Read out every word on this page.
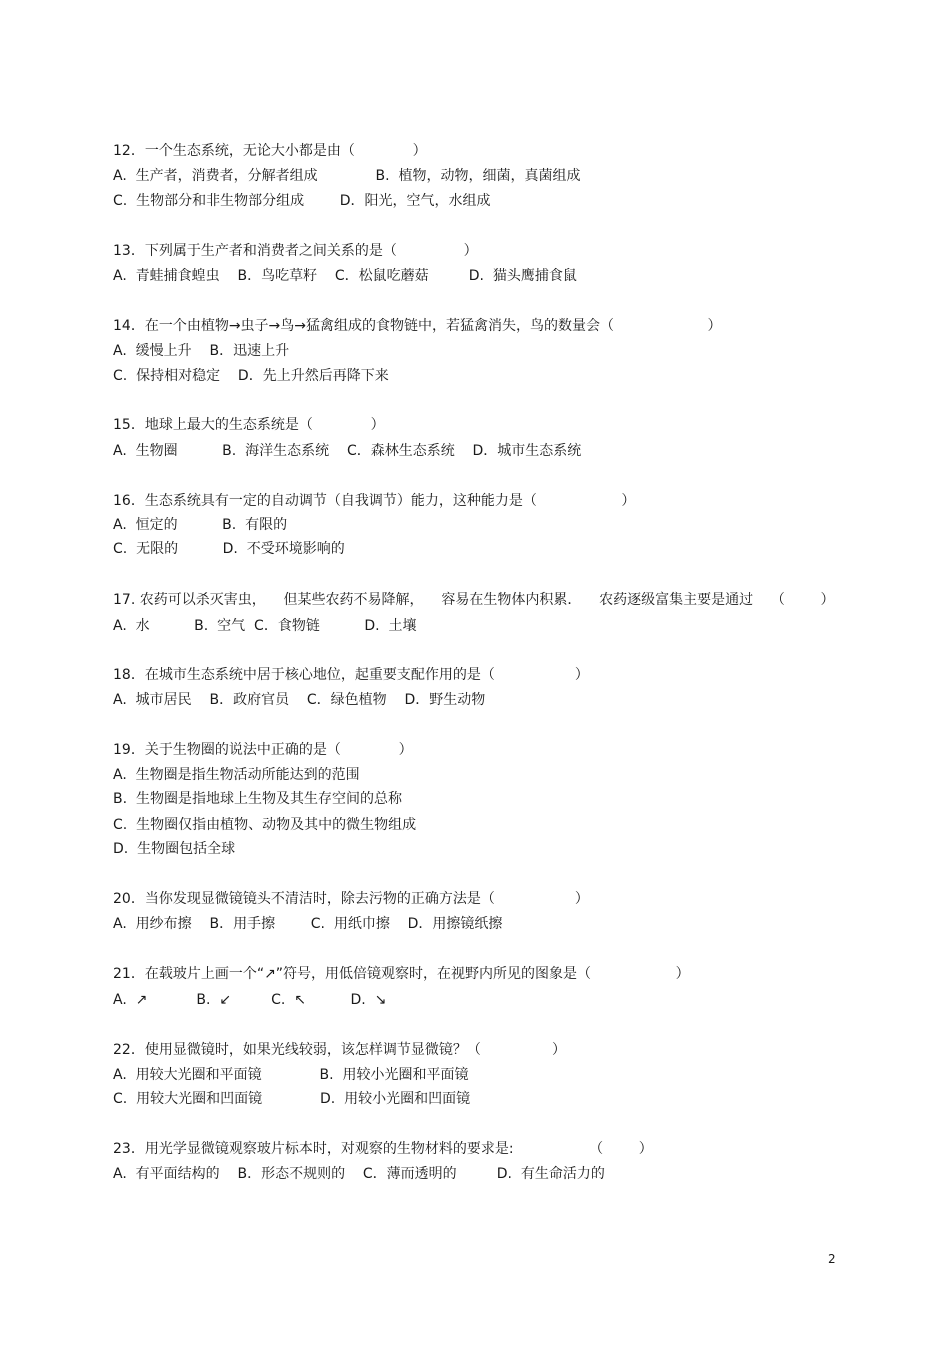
12．一个生态系统，无论大小都是由（             ）
A.  生产者，消费者，分解者组成             B.  植物，动物，细菌，真菌组成
C.  生物部分和非生物部分组成        D．阳光，空气，水组成
13．下列属于生产者和消费者之间关系的是（               ）
A.  青蛙捕食蝗虫    B．鸟吃草籽    C．松鼠吃蘑菇         D.  猫头鹰捕食鼠
14．在一个由植物→虫子→鸟→猛禽组成的食物链中，若猛禽消失，鸟的数量会（                     ）
A.  缓慢上升    B．迅速上升
C.  保持相对稳定    D．先上升然后再降下来
15．地球上最大的生态系统是（             ）
A.  生物圈          B.  海洋生态系统    C．森林生态系统    D．城市生态系统
16．生态系统具有一定的自动调节（自我调节）能力，这种能力是（                   ）
A.  恒定的          B.  有限的
C.  无限的          D.  不受环境影响的
17. 农药可以杀灭害虫，    但某些农药不易降解，    容易在生物体内积累．    农药逐级富集主要是通过    （        ）
A.  水          B.  空气  C．食物链          D.  土壤
18．在城市生态系统中居于核心地位，起重要支配作用的是（                  ）
A.  城市居民    B．政府官员    C．绿色植物    D．野生动物
19．关于生物圈的说法中正确的是（             ）
A.  生物圈是指生物活动所能达到的范围
B.  生物圈是指地球上生物及其生存空间的总称
C.  生物圈仅指由植物、动物及其中的微生物组成
D.  生物圈包括全球
20．当你发现显微镜镜头不清洁时，除去污物的正确方法是（                  ）
A.  用纱布擦    B．用手擦        C.  用纸巾擦    D．用擦镜纸擦
21．在载玻片上画一个“↗”符号，用低倍镜观察时，在视野内所见的图象是（                   ）
A.  ↗           B.  ↙         C.  ↖          D.  ↘
22．使用显微镜时，如果光线较弱，该怎样调节显微镜？（                ）
A.  用较大光圈和平面镜             B.  用较小光圈和平面镜
C.  用较大光圈和凹面镜             D.  用较小光圈和凹面镜
23．用光学显微镜观察玻片标本时，对观察的生物材料的要求是:                 （        ）
A.  有平面结构的    B．形态不规则的    C．薄而透明的         D.  有生命活力的
2
